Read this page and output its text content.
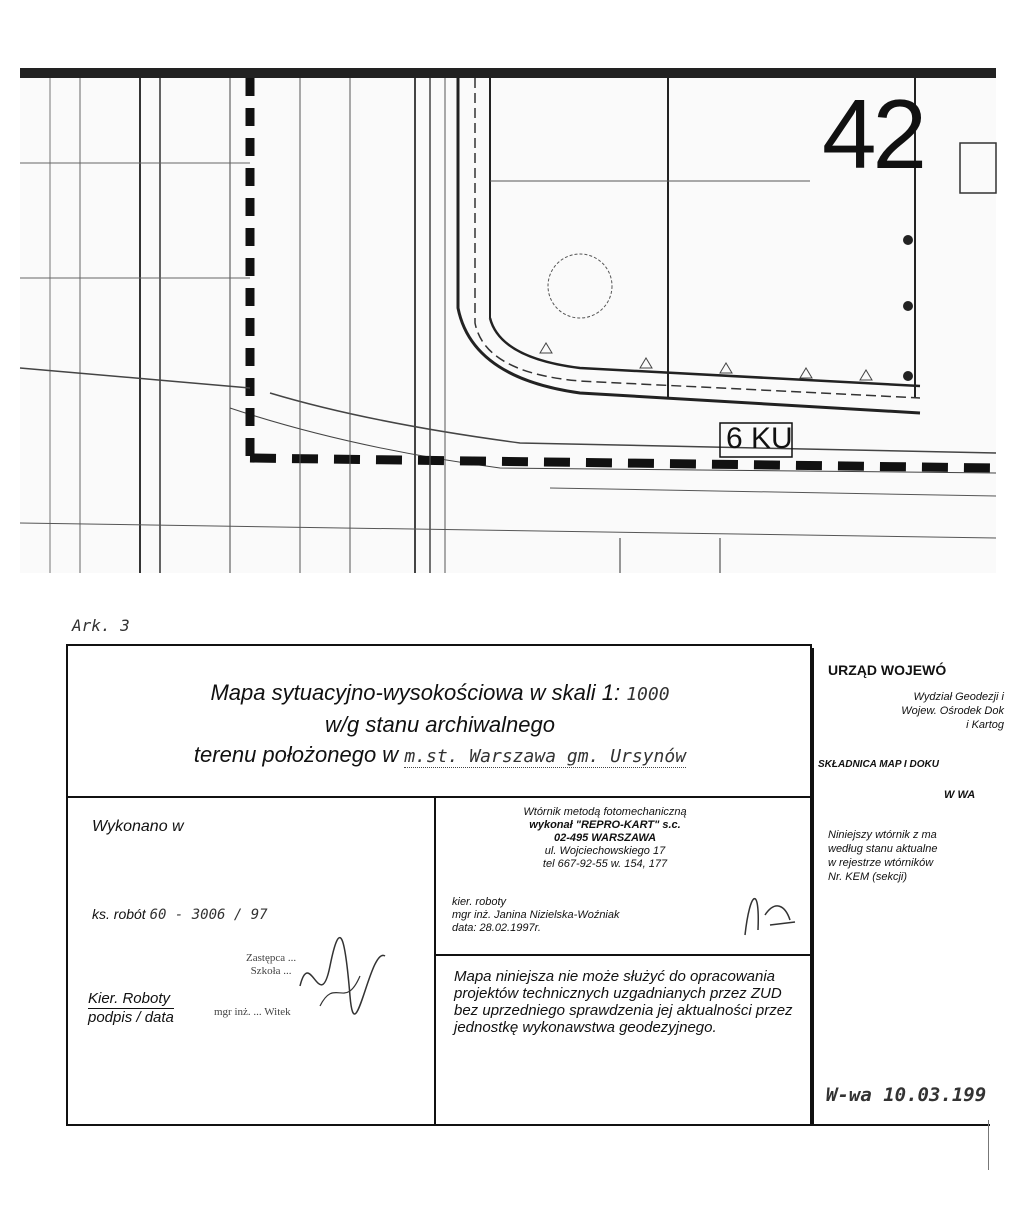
42
6 KU
Ark. 3
Mapa sytuacyjno-wysokościowa w skali 1: 1000
w/g stanu archiwalnego
terenu położonego w m.st. Warszawa gm. Ursynów
Wykonano w
ks. robót 60 - 3006 / 97
Zastępca ...
Szkoła ...
mgr inż. ... Witek
Kier. Roboty
podpis / data
Wtórnik metodą fotomechaniczną
wykonał "REPRO-KART" s.c.
02-495 WARSZAWA
ul. Wojciechowskiego 17
tel 667-92-55 w. 154, 177
kier. roboty
mgr inż. Janina Nizielska-Woźniak
data: 28.02.1997r.
Mapa niniejsza nie może służyć do opracowania projektów technicznych uzgadnianych przez ZUD bez uprzedniego sprawdzenia jej aktualności przez jednostkę wykonawstwa geodezyjnego.
URZĄD WOJEWÓ
Wydział Geodezji i
Wojew. Ośrodek Dok
i Kartog
SKŁADNICA MAP I DOKU
W WA
Niniejszy wtórnik z ma
według stanu aktualne
w rejestrze wtórników
Nr. KEM (sekcji)
W-wa 10.03.199
